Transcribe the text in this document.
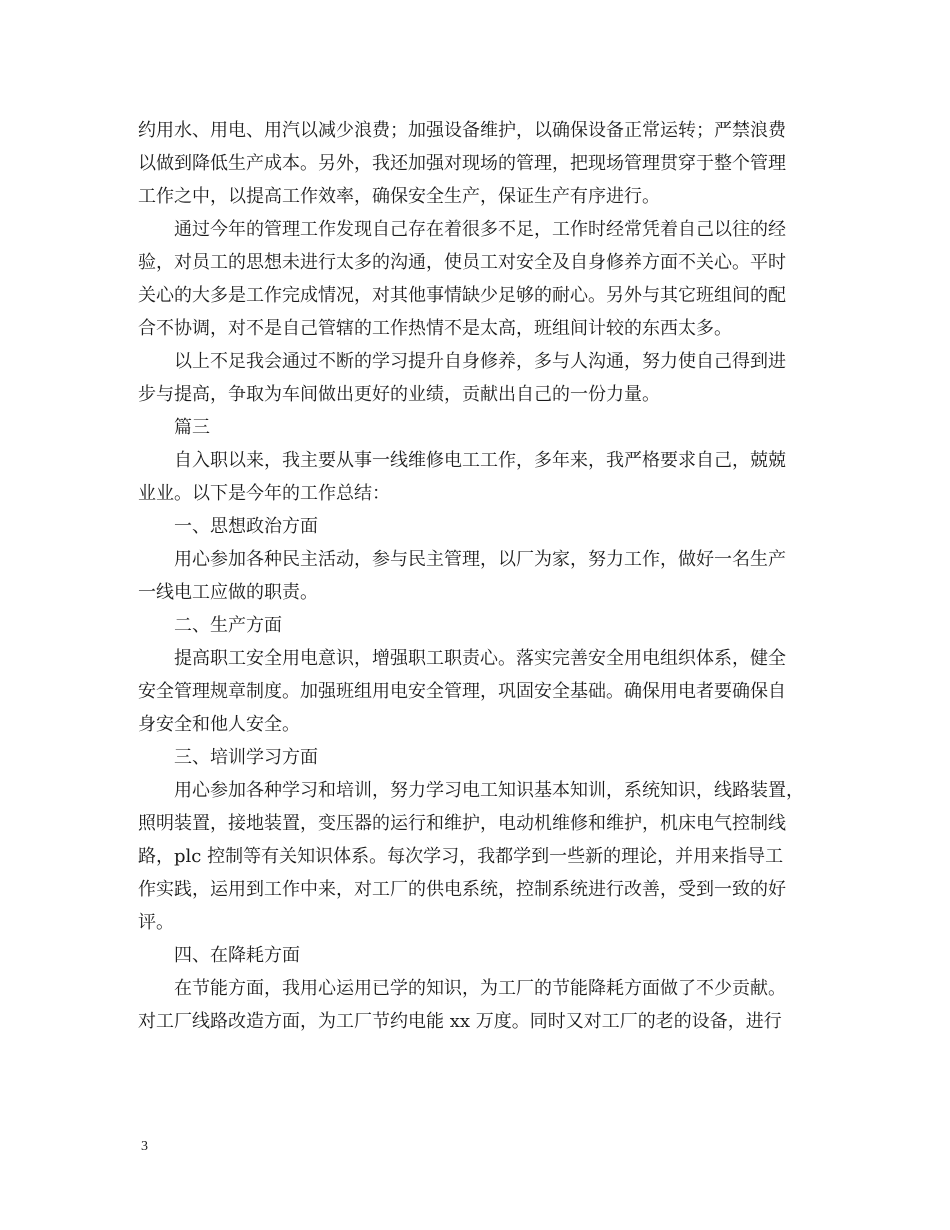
约用水、用电、用汽以减少浪费；加强设备维护，以确保设备正常运转；严禁浪费
以做到降低生产成本。另外，我还加强对现场的管理，把现场管理贯穿于整个管理
工作之中，以提高工作效率，确保安全生产，保证生产有序进行。
通过今年的管理工作发现自己存在着很多不足，工作时经常凭着自己以往的经
验，对员工的思想未进行太多的沟通，使员工对安全及自身修养方面不关心。平时
关心的大多是工作完成情况，对其他事情缺少足够的耐心。另外与其它班组间的配
合不协调，对不是自己管辖的工作热情不是太高，班组间计较的东西太多。
以上不足我会通过不断的学习提升自身修养，多与人沟通，努力使自己得到进
步与提高，争取为车间做出更好的业绩，贡献出自己的一份力量。
篇三
自入职以来，我主要从事一线维修电工工作，多年来，我严格要求自己，兢兢
业业。以下是今年的工作总结：
一、思想政治方面
用心参加各种民主活动，参与民主管理，以厂为家，努力工作，做好一名生产
一线电工应做的职责。
二、生产方面
提高职工安全用电意识，增强职工职责心。落实完善安全用电组织体系，健全
安全管理规章制度。加强班组用电安全管理，巩固安全基础。确保用电者要确保自
身安全和他人安全。
三、培训学习方面
用心参加各种学习和培训，努力学习电工知识基本知训，系统知识，线路装置，
照明装置，接地装置，变压器的运行和维护，电动机维修和维护，机床电气控制线
路，plc 控制等有关知识体系。每次学习，我都学到一些新的理论，并用来指导工
作实践，运用到工作中来，对工厂的供电系统，控制系统进行改善，受到一致的好
评。
四、在降耗方面
在节能方面，我用心运用已学的知识，为工厂的节能降耗方面做了不少贡献。
对工厂线路改造方面，为工厂节约电能 xx 万度。同时又对工厂的老的设备，进行
3
